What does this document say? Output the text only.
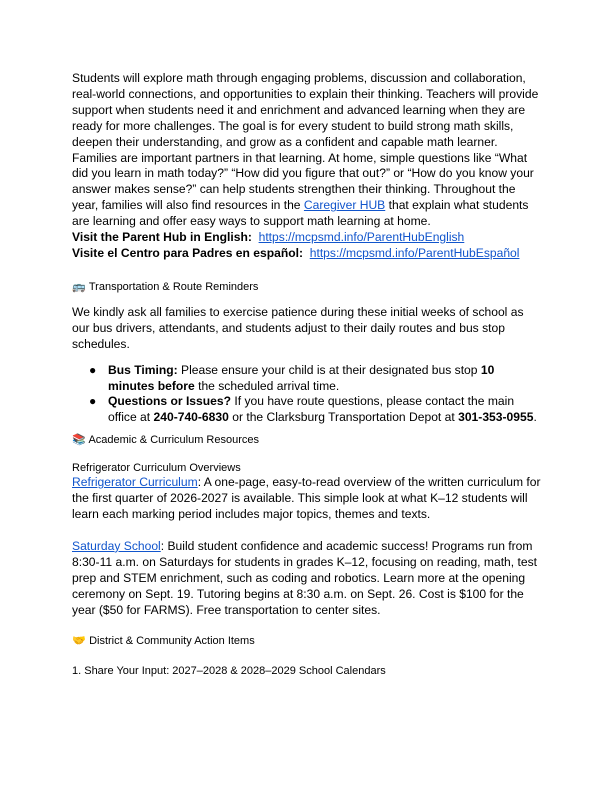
Students will explore math through engaging problems, discussion and collaboration, real-world connections, and opportunities to explain their thinking. Teachers will provide support when students need it and enrichment and advanced learning when they are ready for more challenges. The goal is for every student to build strong math skills, deepen their understanding, and grow as a confident and capable math learner. Families are important partners in that learning. At home, simple questions like “What did you learn in math today?” “How did you figure that out?” or “How do you know your answer makes sense?” can help students strengthen their thinking. Throughout the year, families will also find resources in the Caregiver HUB that explain what students are learning and offer easy ways to support math learning at home.

Visit the Parent Hub in English: https://mcpsmd.info/ParentHubEnglish

Visite el Centro para Padres en español: https://mcpsmd.info/ParentHubEspañol

🚌 Transportation & Route Reminders

We kindly ask all families to exercise patience during these initial weeks of school as our bus drivers, attendants, and students adjust to their daily routes and bus stop schedules.

● Bus Timing: Please ensure your child is at their designated bus stop 10 minutes before the scheduled arrival time.
● Questions or Issues? If you have route questions, please contact the main office at 240-740-6830 or the Clarksburg Transportation Depot at 301-353-0955.

📚 Academic & Curriculum Resources

Refrigerator Curriculum Overviews

Refrigerator Curriculum: A one-page, easy-to-read overview of the written curriculum for the first quarter of 2026-2027 is available. This simple look at what K–12 students will learn each marking period includes major topics, themes and texts.

Saturday School: Build student confidence and academic success! Programs run from 8:30-11 a.m. on Saturdays for students in grades K–12, focusing on reading, math, test prep and STEM enrichment, such as coding and robotics. Learn more at the opening ceremony on Sept. 19. Tutoring begins at 8:30 a.m. on Sept. 26. Cost is $100 for the year ($50 for FARMS). Free transportation to center sites.

🤝 District & Community Action Items

1. Share Your Input: 2027–2028 & 2028–2029 School Calendars
